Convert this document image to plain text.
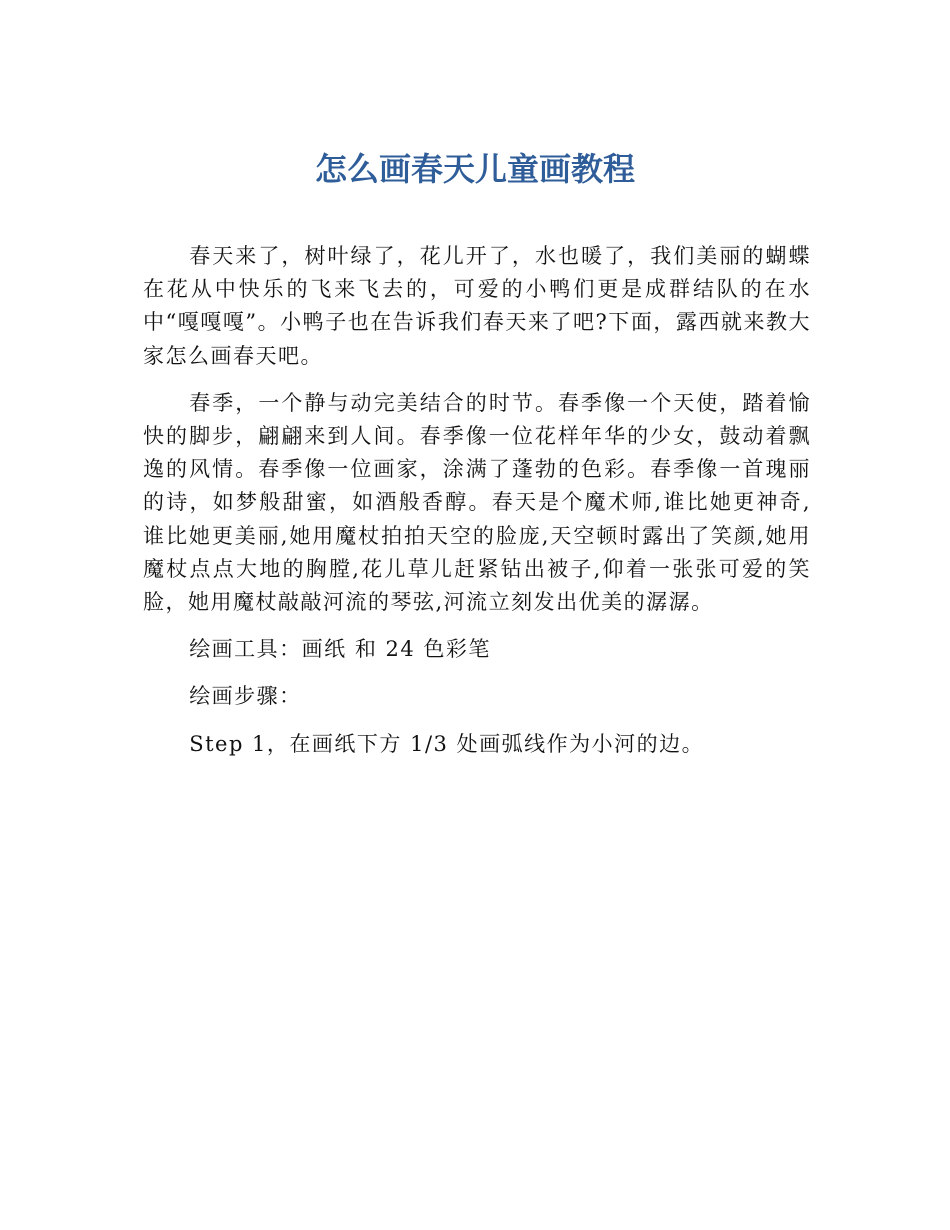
怎么画春天儿童画教程

春天来了，树叶绿了，花儿开了，水也暖了，我们美丽的蝴蝶在花从中快乐的飞来飞去的，可爱的小鸭们更是成群结队的在水中“嘎嘎嘎”。小鸭子也在告诉我们春天来了吧?下面，露西就来教大家怎么画春天吧。

春季，一个静与动完美结合的时节。春季像一个天使，踏着愉快的脚步，翩翩来到人间。春季像一位花样年华的少女，鼓动着飘逸的风情。春季像一位画家，涂满了蓬勃的色彩。春季像一首瑰丽的诗，如梦般甜蜜，如酒般香醇。春天是个魔术师,谁比她更神奇,谁比她更美丽,她用魔杖拍拍天空的脸庞,天空顿时露出了笑颜,她用魔杖点点大地的胸膛,花儿草儿赶紧钻出被子,仰着一张张可爱的笑脸，她用魔杖敲敲河流的琴弦,河流立刻发出优美的潺潺。

绘画工具：画纸 和 24 色彩笔

绘画步骤：

Step 1，在画纸下方 1/3 处画弧线作为小河的边。
